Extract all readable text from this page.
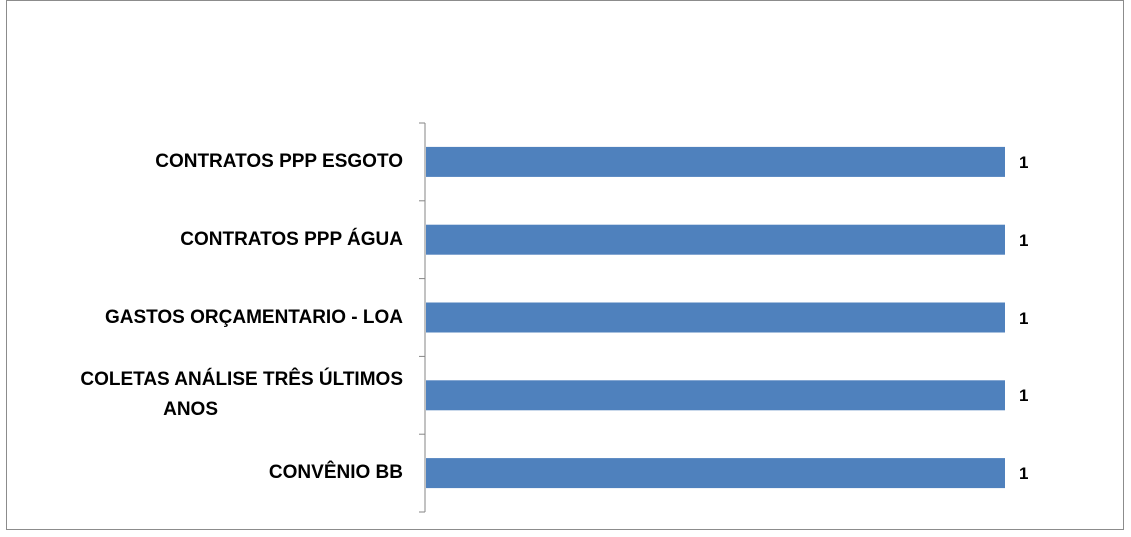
CONTRATOS PPP ESGOTO
CONTRATOS PPP ÁGUA
GASTOS ORÇAMENTARIO - LOA
COLETAS ANÁLISE TRÊS ÚLTIMOS
ANOS
CONVÊNIO BB
1
1
1
1
1
